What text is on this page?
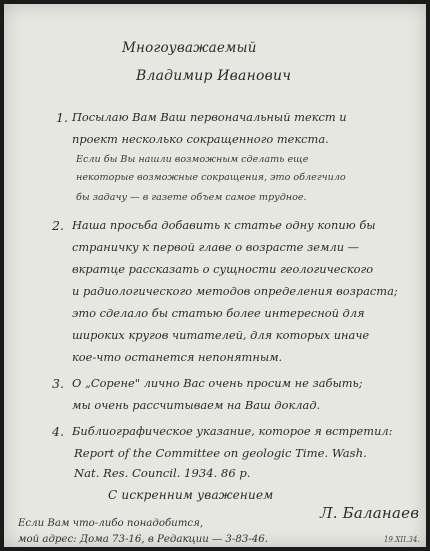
Многоуважаемый
Владимир Иванович
1. Посылаю Вам Ваш первоначальный текст и
проект несколько сокращенного текста.
Если бы Вы нашли возможным сделать еще
некоторые возможные сокращения, это облегчило
бы задачу — в газете объем самое трудное.
2. Наша просьба добавить к статье одну копию бы
страничку к первой главе о возрасте земли —
вкратце рассказать о сущности геологического
и радиологического методов определения возраста;
это сделало бы статью более интересной для
широких кругов читателей, для которых иначе
кое-что останется непонятным.
3. О „Сорене" лично Вас очень просим не забыть;
мы очень рассчитываем на Ваш доклад.
4. Библиографическое указание, которое я встретил:
Report of the Committee on geologic Time. Wash.
Nat. Res. Council. 1934. 86 p.
С искренним уважением
Л. Баланаев
Если Вам что-либо понадобится,
мой адрес: Дома 73-16, в Редакции — 3-83-46.	19.XII.34.
